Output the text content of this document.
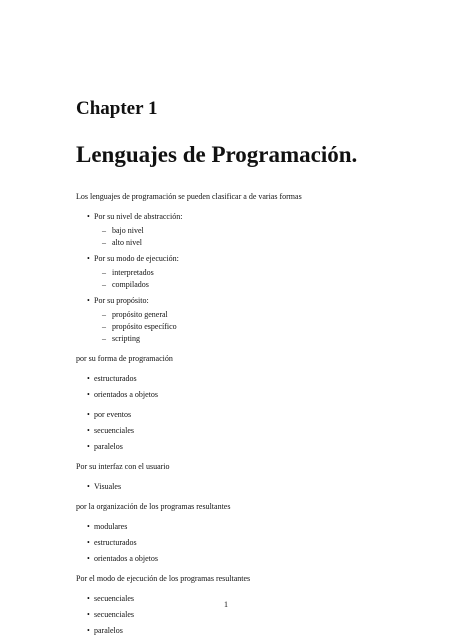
Chapter 1
Lenguajes de Programación.

Los lenguajes de programación se pueden clasificar a de varias formas

• Por su nivel de abstracción:
– bajo nivel
– alto nivel
• Por su modo de ejecución:
– interpretados
– compilados
• Por su propósito:
– propósito general
– propósito específico
– scripting

por su forma de programación

• estructurados
• orientados a objetos
• por eventos
• secuenciales
• paralelos

Por su interfaz con el usuario

• Visuales

por la organización de los programas resultantes

• modulares
• estructurados
• orientados a objetos

Por el modo de ejecución de los programas resultantes

• secuenciales
• secuenciales
• paralelos
1
